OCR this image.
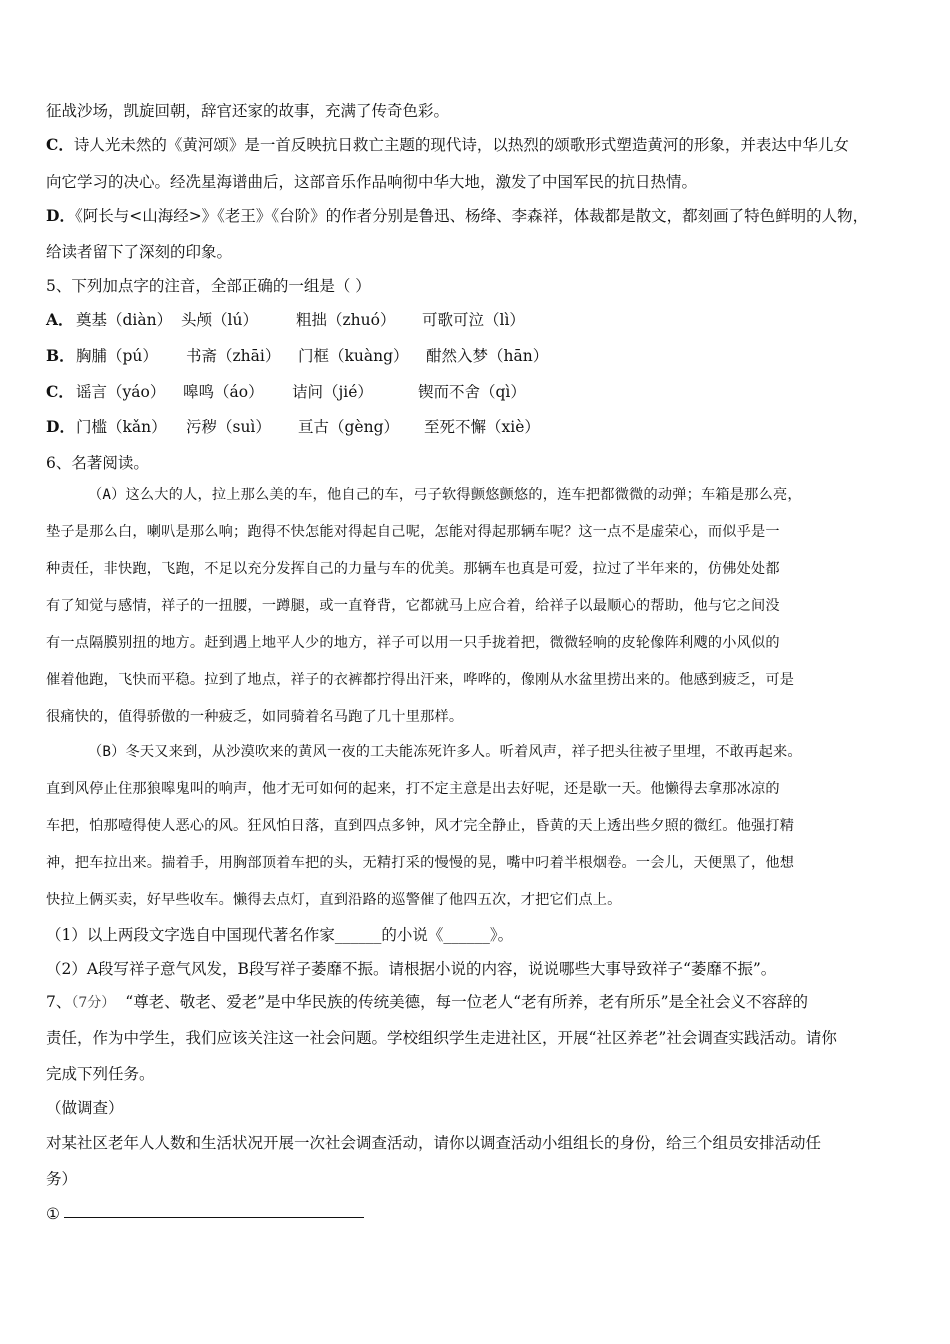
征战沙场，凯旋回朝，辞官还家的故事，充满了传奇色彩。
C．诗人光未然的《黄河颂》是一首反映抗日救亡主题的现代诗，以热烈的颂歌形式塑造黄河的形象，并表达中华儿女
向它学习的决心。经冼星海谱曲后，这部音乐作品响彻中华大地，激发了中国军民的抗日热情。
D．《阿长与<山海经>》《老王》《台阶》的作者分别是鲁迅、杨绛、李森祥，体裁都是散文，都刻画了特色鲜明的人物，
给读者留下了深刻的印象。
5、下列加点字的注音，全部正确的一组是（ ）
A． 奠基（diàn） 头颅（lú） 粗拙（zhuó） 可歌可泣（lì）
B． 胸脯（pú） 书斋（zhāi） 门框（kuàng） 酣然入梦（hān）
C． 谣言（yáo） 嗥鸣（áo） 诘问（jié）	锲而不舍（qì）
D． 门槛（kǎn） 污秽（suì） 亘古（gèng） 至死不懈（xiè）
6、名著阅读。
（A）这么大的人，拉上那么美的车，他自己的车，弓子软得颤悠颤悠的，连车把都微微的动弹；车箱是那么亮，
垫子是那么白，喇叭是那么响；跑得不快怎能对得起自己呢，怎能对得起那辆车呢？这一点不是虚荣心，而似乎是一
种责任，非快跑，飞跑，不足以充分发挥自己的力量与车的优美。那辆车也真是可爱，拉过了半年来的，仿佛处处都
有了知觉与感情，祥子的一扭腰，一蹲腿，或一直脊背，它都就马上应合着，给祥子以最顺心的帮助，他与它之间没
有一点隔膜别扭的地方。赶到遇上地平人少的地方，祥子可以用一只手拢着把，微微轻响的皮轮像阵利飕的小风似的
催着他跑，飞快而平稳。拉到了地点，祥子的衣裤都拧得出汗来，哗哗的，像刚从水盆里捞出来的。他感到疲乏，可是
很痛快的，值得骄傲的一种疲乏，如同骑着名马跑了几十里那样。
（B）冬天又来到，从沙漠吹来的黄风一夜的工夫能冻死许多人。听着风声，祥子把头往被子里埋，不敢再起来。
直到风停止住那狼嗥鬼叫的响声，他才无可如何的起来，打不定主意是出去好呢，还是歇一天。他懒得去拿那冰凉的
车把，怕那噎得使人恶心的风。狂风怕日落，直到四点多钟，风才完全静止，昏黄的天上透出些夕照的微红。他强打精
神，把车拉出来。揣着手，用胸部顶着车把的头，无精打采的慢慢的晃，嘴中叼着半根烟卷。一会儿，天便黑了，他想
快拉上俩买卖，好早些收车。懒得去点灯，直到沿路的巡警催了他四五次，才把它们点上。
（1）以上两段文字选自中国现代著名作家______的小说《______》。
（2）A段写祥子意气风发，B段写祥子萎靡不振。请根据小说的内容，说说哪些大事导致祥子“萎靡不振”。
7、（7分） “尊老、敬老、爱老”是中华民族的传统美德，每一位老人“老有所养，老有所乐”是全社会义不容辞的
责任，作为中学生，我们应该关注这一社会问题。学校组织学生走进社区，开展“社区养老”社会调查实践活动。请你
完成下列任务。
（做调查）
对某社区老年人人数和生活状况开展一次社会调查活动，请你以调查活动小组组长的身份，给三个组员安排活动任
务）
①
